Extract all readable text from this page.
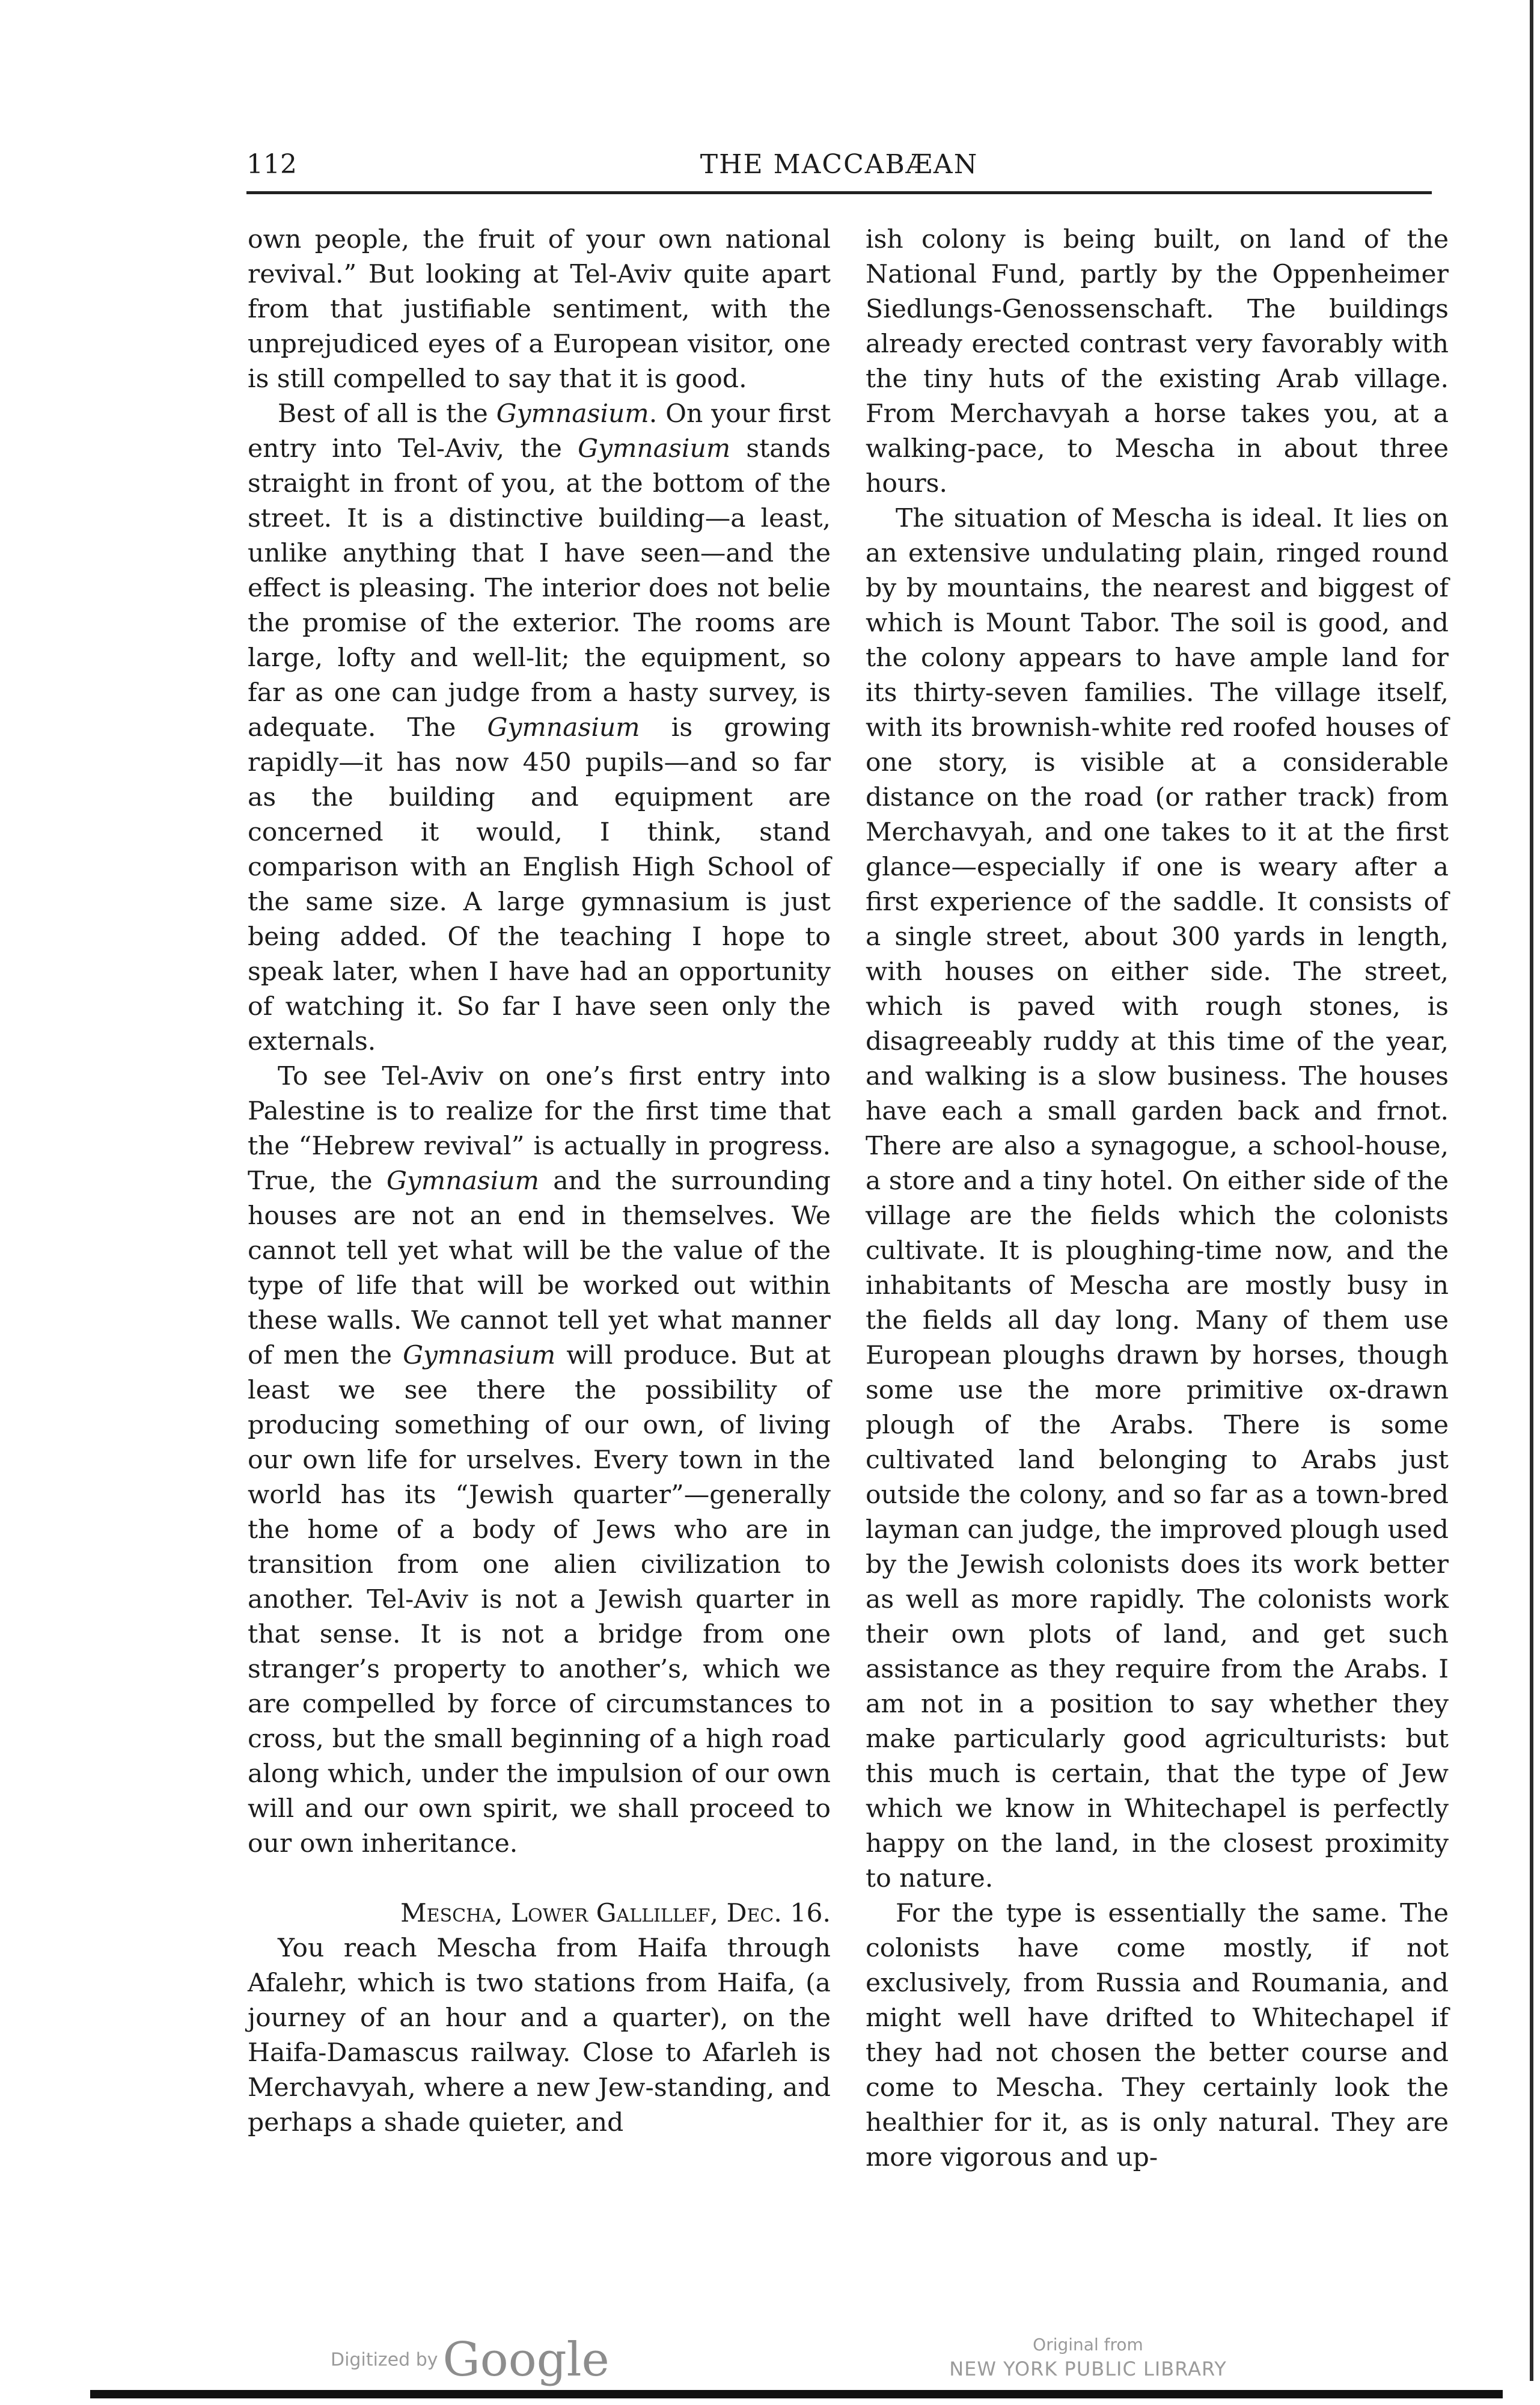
112	THE MACCABÆAN

own people, the fruit of your own national revival.” But looking at Tel-Aviv quite apart from that justifiable sentiment, with the unprejudiced eyes of a European visitor, one is still compelled to say that it is good.

Best of all is the Gymnasium. On your first entry into Tel-Aviv, the Gymnasium stands straight in front of you, at the bottom of the street. It is a distinctive building—a least, unlike anything that I have seen—and the effect is pleasing. The interior does not belie the promise of the exterior. The rooms are large, lofty and well-lit; the equipment, so far as one can judge from a hasty survey, is adequate. The Gymnasium is growing rapidly—it has now 450 pupils—and so far as the building and equipment are concerned it would, I think, stand comparison with an English High School of the same size. A large gymnasium is just being added. Of the teaching I hope to speak later, when I have had an opportunity of watching it. So far I have seen only the externals.

To see Tel-Aviv on one’s first entry into Palestine is to realize for the first time that the “Hebrew revival” is actually in progress. True, the Gymnasium and the surrounding houses are not an end in themselves. We cannot tell yet what will be the value of the type of life that will be worked out within these walls. We cannot tell yet what manner of men the Gymnasium will produce. But at least we see there the possibility of producing something of our own, of living our own life for urselves. Every town in the world has its “Jewish quarter”—generally the home of a body of Jews who are in transition from one alien civilization to another. Tel-Aviv is not a Jewish quarter in that sense. It is not a bridge from one stranger’s property to another’s, which we are compelled by force of circumstances to cross, but the small beginning of a high road along which, under the impulsion of our own will and our own spirit, we shall proceed to our own inheritance.

Mescha, Lower Gallillef, Dec. 16.

You reach Mescha from Haifa through Afalehr, which is two stations from Haifa, (a journey of an hour and a quarter), on the Haifa-Damascus railway. Close to Afarleh is Merchavyah, where a new Jew-standing, and perhaps a shade quieter, and

ish colony is being built, on land of the National Fund, partly by the Oppenheimer Siedlungs-Genossenschaft. The buildings already erected contrast very favorably with the tiny huts of the existing Arab village. From Merchavyah a horse takes you, at a walking-pace, to Mescha in about three hours.

The situation of Mescha is ideal. It lies on an extensive undulating plain, ringed round by by mountains, the nearest and biggest of which is Mount Tabor. The soil is good, and the colony appears to have ample land for its thirty-seven families. The village itself, with its brownish-white red roofed houses of one story, is visible at a considerable distance on the road (or rather track) from Merchavyah, and one takes to it at the first glance—especially if one is weary after a first experience of the saddle. It consists of a single street, about 300 yards in length, with houses on either side. The street, which is paved with rough stones, is disagreeably ruddy at this time of the year, and walking is a slow business. The houses have each a small garden back and frnot. There are also a synagogue, a school-house, a store and a tiny hotel. On either side of the village are the fields which the colonists cultivate. It is ploughing-time now, and the inhabitants of Mescha are mostly busy in the fields all day long. Many of them use European ploughs drawn by horses, though some use the more primitive ox-drawn plough of the Arabs. There is some cultivated land belonging to Arabs just outside the colony, and so far as a town-bred layman can judge, the improved plough used by the Jewish colonists does its work better as well as more rapidly. The colonists work their own plots of land, and get such assistance as they require from the Arabs. I am not in a position to say whether they make particularly good agriculturists: but this much is certain, that the type of Jew which we know in Whitechapel is perfectly happy on the land, in the closest proximity to nature.

For the type is essentially the same. The colonists have come mostly, if not exclusively, from Russia and Roumania, and might well have drifted to Whitechapel if they had not chosen the better course and come to Mescha. They certainly look the healthier for it, as is only natural. They are more vigorous and up-

Digitized by Google	Original from
NEW YORK PUBLIC LIBRARY
